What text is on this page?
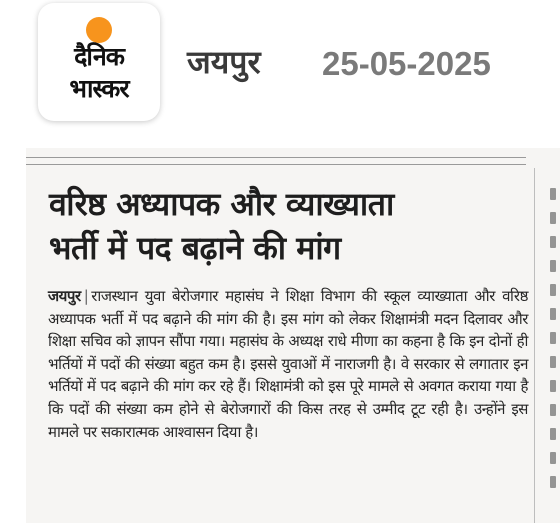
दैनिक
भास्कर
जयपुर 25-05-2025
वरिष्ठ अध्यापक और व्याख्याता
भर्ती में पद बढ़ाने की मांग
जयपुर | राजस्थान युवा बेरोजगार महासंघ ने शिक्षा विभाग की स्कूल व्याख्याता और वरिष्ठ अध्यापक भर्ती में पद बढ़ाने की मांग की है। इस मांग को लेकर शिक्षामंत्री मदन दिलावर और शिक्षा सचिव को ज्ञापन सौंपा गया। महासंघ के अध्यक्ष राधे मीणा का कहना है कि इन दोनों ही भर्तियों में पदों की संख्या बहुत कम है। इससे युवाओं में नाराजगी है। वे सरकार से लगातार इन भर्तियों में पद बढ़ाने की मांग कर रहे हैं। शिक्षामंत्री को इस पूरे मामले से अवगत कराया गया है कि पदों की संख्या कम होने से बेरोजगारों की किस तरह से उम्मीद टूट रही है। उन्होंने इस मामले पर सकारात्मक आश्वासन दिया है।
